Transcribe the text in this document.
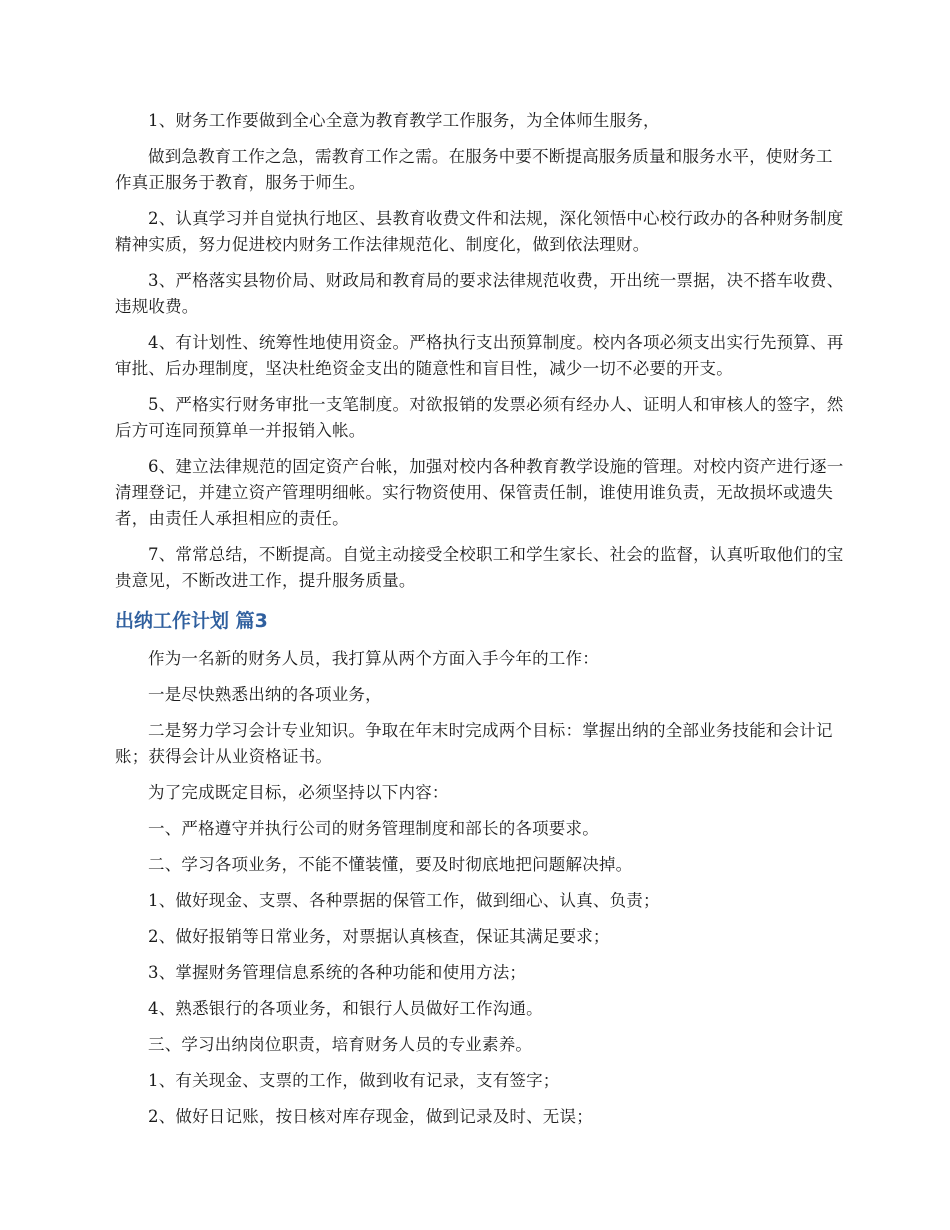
1、财务工作要做到全心全意为教育教学工作服务，为全体师生服务，

做到急教育工作之急，需教育工作之需。在服务中要不断提高服务质量和服务水平，使财务工作真正服务于教育，服务于师生。

2、认真学习并自觉执行地区、县教育收费文件和法规，深化领悟中心校行政办的各种财务制度精神实质，努力促进校内财务工作法律规范化、制度化，做到依法理财。

3、严格落实县物价局、财政局和教育局的要求法律规范收费，开出统一票据，决不搭车收费、违规收费。

4、有计划性、统筹性地使用资金。严格执行支出预算制度。校内各项必须支出实行先预算、再审批、后办理制度，坚决杜绝资金支出的随意性和盲目性，减少一切不必要的开支。

5、严格实行财务审批一支笔制度。对欲报销的发票必须有经办人、证明人和审核人的签字，然后方可连同预算单一并报销入帐。

6、建立法律规范的固定资产台帐，加强对校内各种教育教学设施的管理。对校内资产进行逐一清理登记，并建立资产管理明细帐。实行物资使用、保管责任制，谁使用谁负责，无故损坏或遗失者，由责任人承担相应的责任。

7、常常总结，不断提高。自觉主动接受全校职工和学生家长、社会的监督，认真听取他们的宝贵意见，不断改进工作，提升服务质量。

出纳工作计划 篇3

作为一名新的财务人员，我打算从两个方面入手今年的工作：

一是尽快熟悉出纳的各项业务，

二是努力学习会计专业知识。争取在年末时完成两个目标：掌握出纳的全部业务技能和会计记账；获得会计从业资格证书。

为了完成既定目标，必须坚持以下内容：

一、严格遵守并执行公司的财务管理制度和部长的各项要求。

二、学习各项业务，不能不懂装懂，要及时彻底地把问题解决掉。

1、做好现金、支票、各种票据的保管工作，做到细心、认真、负责；

2、做好报销等日常业务，对票据认真核查，保证其满足要求；

3、掌握财务管理信息系统的各种功能和使用方法；

4、熟悉银行的各项业务，和银行人员做好工作沟通。

三、学习出纳岗位职责，培育财务人员的专业素养。

1、有关现金、支票的工作，做到收有记录，支有签字；

2、做好日记账，按日核对库存现金，做到记录及时、无误；
